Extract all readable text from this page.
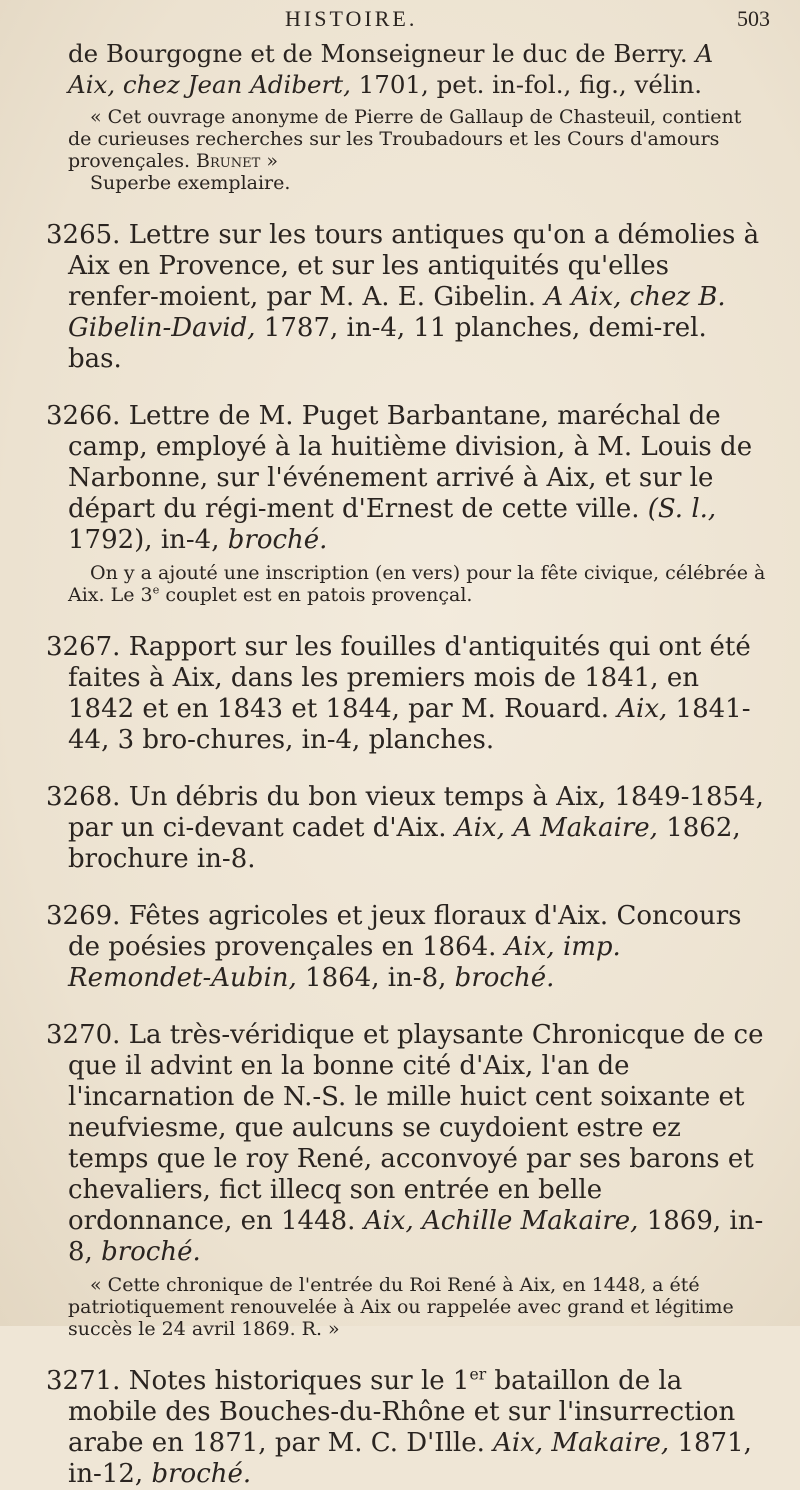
HISTOIRE.	503

de Bourgogne et de Monseigneur le duc de Berry. A Aix, chez Jean Adibert, 1701, pet. in-fol., fig., vélin.

« Cet ouvrage anonyme de Pierre de Gallaup de Chasteuil, contient de curieuses recherches sur les Troubadours et les Cours d'amours provençales. Brunet »
Superbe exemplaire.

3265. Lettre sur les tours antiques qu'on a démolies à Aix en Provence, et sur les antiquités qu'elles renfer-moient, par M. A. E. Gibelin. A Aix, chez B. Gibelin-David, 1787, in-4, 11 planches, demi-rel. bas.

3266. Lettre de M. Puget Barbantane, maréchal de camp, employé à la huitième division, à M. Louis de Narbonne, sur l'événement arrivé à Aix, et sur le départ du régi-ment d'Ernest de cette ville. (S. l., 1792), in-4, broché.

On y a ajouté une inscription (en vers) pour la fête civique, célébrée à Aix. Le 3e couplet est en patois provençal.

3267. Rapport sur les fouilles d'antiquités qui ont été faites à Aix, dans les premiers mois de 1841, en 1842 et en 1843 et 1844, par M. Rouard. Aix, 1841-44, 3 bro-chures, in-4, planches.

3268. Un débris du bon vieux temps à Aix, 1849-1854, par un ci-devant cadet d'Aix. Aix, A Makaire, 1862, brochure in-8.

3269. Fêtes agricoles et jeux floraux d'Aix. Concours de poésies provençales en 1864. Aix, imp. Remondet-Aubin, 1864, in-8, broché.

3270. La très-véridique et playsante Chronicque de ce que il advint en la bonne cité d'Aix, l'an de l'incarnation de N.-S. le mille huict cent soixante et neufviesme, que aulcuns se cuydoient estre ez temps que le roy René, acconvoyé par ses barons et chevaliers, fict illecq son entrée en belle ordonnance, en 1448. Aix, Achille Makaire, 1869, in-8, broché.

« Cette chronique de l'entrée du Roi René à Aix, en 1448, a été patriotiquement renouvelée à Aix ou rappelée avec grand et légitime succès le 24 avril 1869. R. »

3271. Notes historiques sur le 1er bataillon de la mobile des Bouches-du-Rhône et sur l'insurrection arabe en 1871, par M. C. D'Ille. Aix, Makaire, 1871, in-12, broché.
